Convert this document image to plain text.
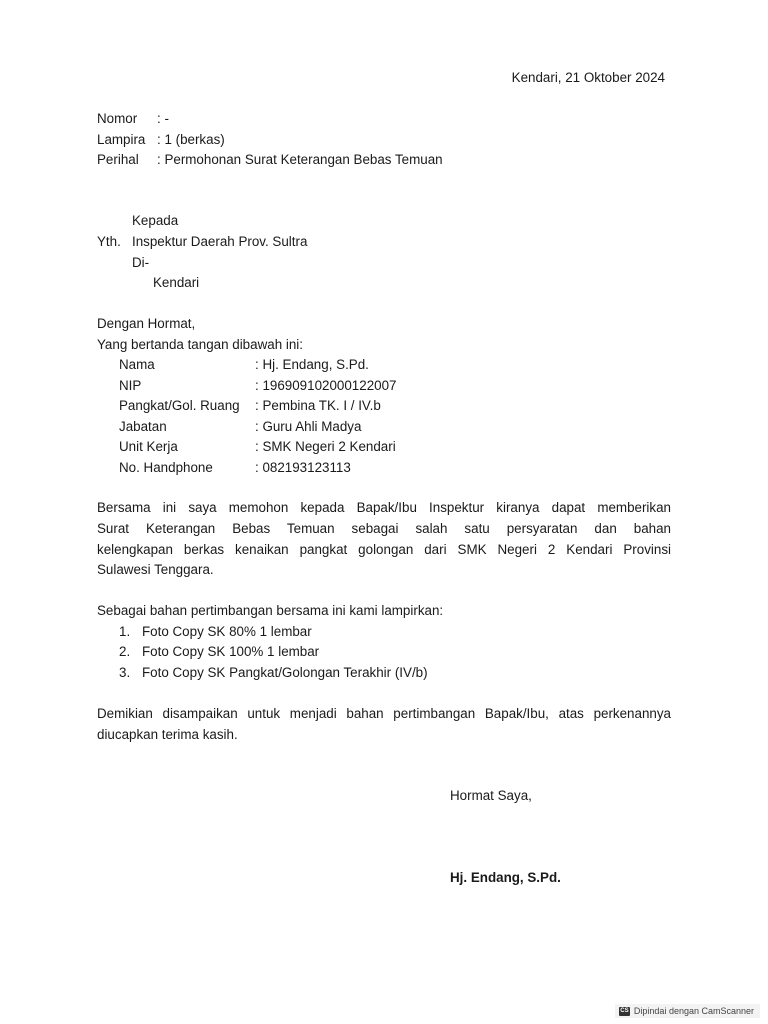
Kendari, 21 Oktober 2024
Nomor	: -
Lampira : 1 (berkas)
Perihal	: Permohonan Surat Keterangan Bebas Temuan
Kepada
Yth. Inspektur Daerah Prov. Sultra
Di-
Kendari
Dengan Hormat,
Yang bertanda tangan dibawah ini:
Nama	: Hj. Endang, S.Pd.
NIP	: 196909102000122007
Pangkat/Gol. Ruang : Pembina TK. I / IV.b
Jabatan	: Guru Ahli Madya
Unit Kerja	: SMK Negeri 2 Kendari
No. Handphone	: 082193123113
Bersama ini saya memohon kepada Bapak/Ibu Inspektur kiranya dapat memberikan
Surat Keterangan Bebas Temuan sebagai salah satu persyaratan dan bahan
kelengkapan berkas kenaikan pangkat golongan dari SMK Negeri 2 Kendari Provinsi
Sulawesi Tenggara.
Sebagai bahan pertimbangan bersama ini kami lampirkan:
1. Foto Copy SK 80% 1 lembar
2. Foto Copy SK 100% 1 lembar
3. Foto Copy SK Pangkat/Golongan Terakhir (IV/b)
Demikian disampaikan untuk menjadi bahan pertimbangan Bapak/Ibu, atas perkenannya
diucapkan terima kasih.
Hormat Saya,
Hj. Endang, S.Pd.
CS Dipindai dengan CamScanner
